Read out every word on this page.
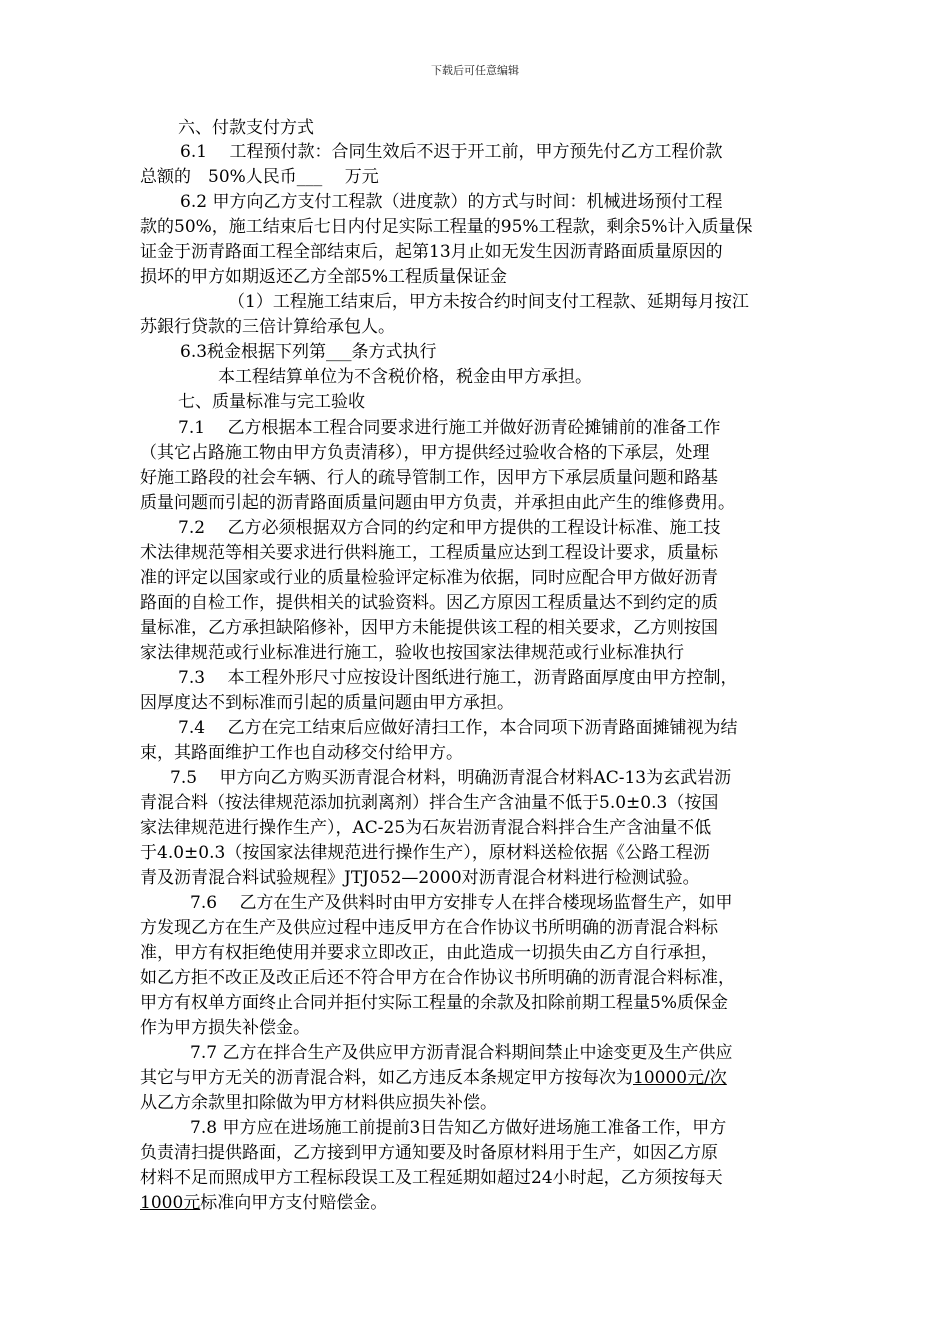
下载后可任意编辑
六、付款支付方式
6.1　 工程预付款：合同生效后不迟于开工前，甲方预先付乙方工程价款
总额的　50%人民币___　 万元
6.2 甲方向乙方支付工程款（进度款）的方式与时间：机械进场预付工程
款的50%，施工结束后七日内付足实际工程量的95%工程款，剩余5%计入质量保
证金于沥青路面工程全部结束后，起第13月止如无发生因沥青路面质量原因的
损坏的甲方如期返还乙方全部5%工程质量保证金
（1）工程施工结束后，甲方未按合约时间支付工程款、延期每月按江
苏銀行贷款的三倍计算给承包人。
6.3税金根据下列第___条方式执行
本工程结算单位为不含税价格，税金由甲方承担。
七、质量标准与完工验收
7.1　 乙方根据本工程合同要求进行施工并做好沥青砼摊铺前的准备工作
（其它占路施工物由甲方负责清移），甲方提供经过验收合格的下承层，处理
好施工路段的社会车辆、行人的疏导管制工作，因甲方下承层质量问题和路基
质量问题而引起的沥青路面质量问题由甲方负责，并承担由此产生的维修费用。
7.2　 乙方必须根据双方合同的约定和甲方提供的工程设计标准、施工技
术法律规范等相关要求进行供料施工，工程质量应达到工程设计要求，质量标
准的评定以国家或行业的质量检验评定标准为依据，同时应配合甲方做好沥青
路面的自检工作，提供相关的试验资料。因乙方原因工程质量达不到约定的质
量标准，乙方承担缺陷修补，因甲方未能提供该工程的相关要求，乙方则按国
家法律规范或行业标准进行施工，验收也按国家法律规范或行业标准执行
7.3　 本工程外形尺寸应按设计图纸进行施工，沥青路面厚度由甲方控制，
因厚度达不到标准而引起的质量问题由甲方承担。
7.4　 乙方在完工结束后应做好清扫工作，本合同项下沥青路面摊铺视为结
束，其路面维护工作也自动移交付给甲方。
7.5　 甲方向乙方购买沥青混合材料，明确沥青混合材料AC-13为玄武岩沥
青混合料（按法律规范添加抗剥离剂）拌合生产含油量不低于5.0±0.3（按国
家法律规范进行操作生产），AC-25为石灰岩沥青混合料拌合生产含油量不低
于4.0±0.3（按国家法律规范进行操作生产），原材料送检依据《公路工程沥
青及沥青混合料试验规程》JTJ052—2000对沥青混合材料进行检测试验。
7.6　 乙方在生产及供料时由甲方安排专人在拌合楼现场监督生产，如甲
方发现乙方在生产及供应过程中违反甲方在合作协议书所明确的沥青混合料标
准，甲方有权拒绝使用并要求立即改正，由此造成一切损失由乙方自行承担，
如乙方拒不改正及改正后还不符合甲方在合作协议书所明确的沥青混合料标准，
甲方有权单方面终止合同并拒付实际工程量的余款及扣除前期工程量5%质保金
作为甲方损失补偿金。
7.7 乙方在拌合生产及供应甲方沥青混合料期间禁止中途变更及生产供应
其它与甲方无关的沥青混合料，如乙方违反本条规定甲方按每次为10000元/次
从乙方余款里扣除做为甲方材料供应损失补偿。
7.8 甲方应在进场施工前提前3日告知乙方做好进场施工准备工作，甲方
负责清扫提供路面，乙方接到甲方通知要及时备原材料用于生产，如因乙方原
材料不足而照成甲方工程标段误工及工程延期如超过24小时起，乙方须按每天
1000元标准向甲方支付赔偿金。
